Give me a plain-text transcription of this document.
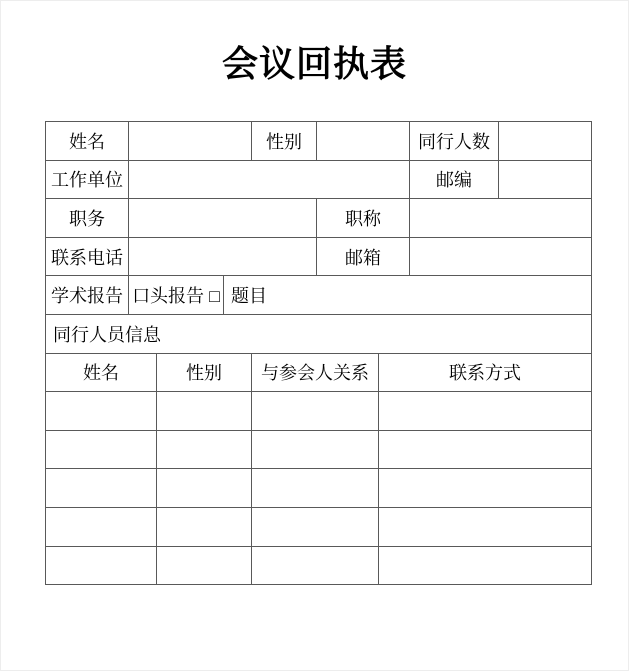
会议回执表
姓名				性别			同行人数	
工作单位							邮编	
职务					职称			
联系电话					邮箱			
学术报告	口头报告 □		题目					
同行人员信息								
姓名		性别		与参会人关系		联系方式		
